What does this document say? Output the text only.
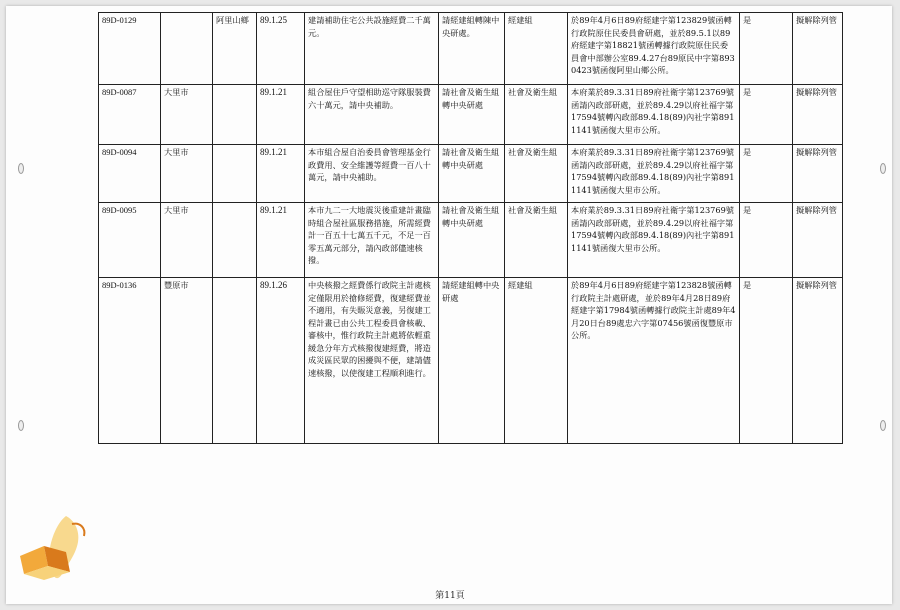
89D-0129		阿里山鄉	89.1.25	建請補助住宅公共設施經費二千萬元。	請經建組轉陳中央研處。	經建組	於89年4月6日89府經建字第123829號函轉行政院原住民委員會研處，並於89.5.1以89府經建字第18821號函轉據行政院原住民委員會中部辦公室89.4.27台89原民中字第8930423號函復阿里山鄉公所。	是	擬解除列管
89D-0087	大里市		89.1.21	組合屋住戶守望相助巡守隊服裝費六十萬元，請中央補助。	請社會及衛生組轉中央研處	社會及衛生組	本府業於89.3.31日89府社衛字第123769號函請內政部研處，並於89.4.29以府社福字第17594號轉內政部89.4.18(89)內社字第8911141號函復大里市公所。	是	擬解除列管
89D-0094	大里市		89.1.21	本市組合屋自治委員會管理基金行政費用、安全維護等經費一百八十萬元，請中央補助。	請社會及衛生組轉中央研處	社會及衛生組	本府業於89.3.31日89府社衛字第123769號函請內政部研處，並於89.4.29以府社福字第17594號轉內政部89.4.18(89)內社字第8911141號函復大里市公所。	是	擬解除列管
89D-0095	大里市		89.1.21	本市九二一大地震災後重建計畫臨時組合屋社區服務措施，所需經費計一百五十七萬五千元，不足一百零五萬元部分，請內政部儘速核撥。	請社會及衛生組轉中央研處	社會及衛生組	本府業於89.3.31日89府社衛字第123769號函請內政部研處，並於89.4.29以府社福字第17594號轉內政部89.4.18(89)內社字第8911141號函復大里市公所。	是	擬解除列管
89D-0136	豐原市		89.1.26	中央核撥之經費係行政院主計處核定僅限用於搶修經費，復建經費並不適用，有失賑災意義，另復建工程計畫已由公共工程委員會核載、審核中，惟行政院主計處將依輕重緩急分年方式核撥復建經費，將造成災區民眾的困擾與不便，建請儘速核撥，以使復建工程順利進行。	請經建組轉中央研處	經建組	於89年4月6日89府經建字第123828號函轉行政院主計處研處，並於89年4月28日89府經建字第17984號函轉據行政院主計處89年4月20日台89處忠六字第07456號函復豐原市公所。	是	擬解除列管
第11頁
